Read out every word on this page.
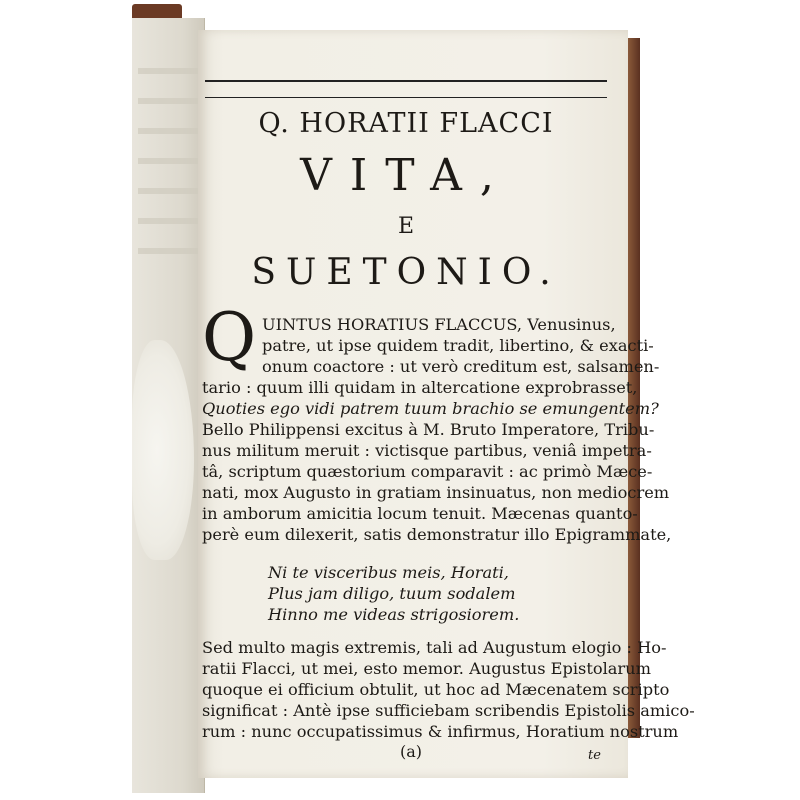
Q. HORATII FLACCI
VITA,
E
SUETONIO.
Q UINTUS HORATIUS FLACCUS, Venusinus,
patre, ut ipse quidem tradit, libertino, & exacti-
onum coactore : ut verò creditum est, salsamen-
tario : quum illi quidam in altercatione exprobrasset,
Quoties ego vidi patrem tuum brachio se emungentem?
Bello Philippensi excitus à M. Bruto Imperatore, Tribu-
nus militum meruit : victisque partibus, veniâ impetra-
tâ, scriptum quæstorium comparavit : ac primò Mæce-
nati, mox Augusto in gratiam insinuatus, non mediocrem
in amborum amicitia locum tenuit. Mæcenas quanto-
perè eum dilexerit, satis demonstratur illo Epigrammate,
Ni te visceribus meis, Horati,
Plus jam diligo, tuum sodalem
Hinno me videas strigosiorem.
Sed multo magis extremis, tali ad Augustum elogio : Ho-
ratii Flacci, ut mei, esto memor. Augustus Epistolarum
quoque ei officium obtulit, ut hoc ad Mæcenatem scripto
significat : Antè ipse sufficiebam scribendis Epistolis amico-
rum : nunc occupatissimus & infirmus, Horatium nostrum
(a)	te
